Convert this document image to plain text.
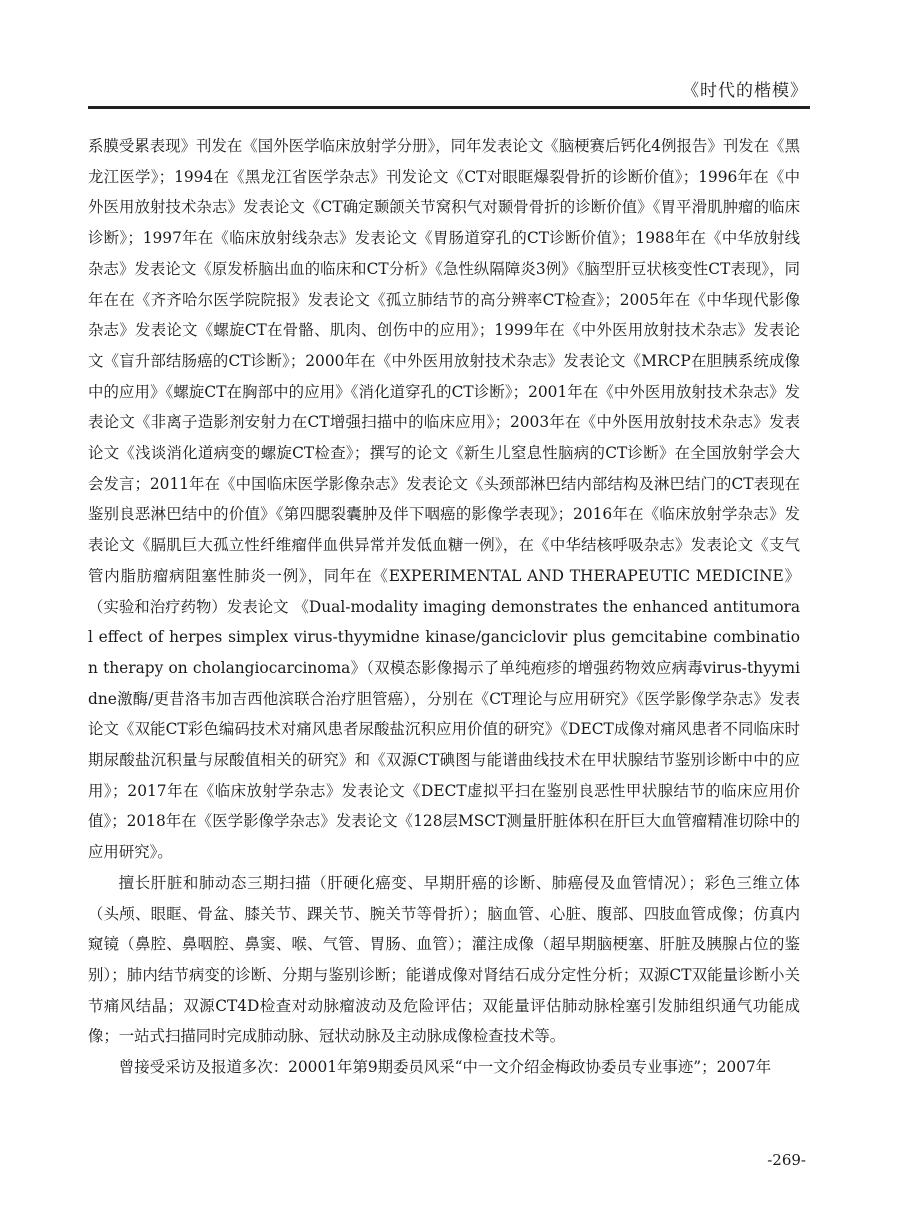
《时代的楷模》

系膜受累表现》刊发在《国外医学临床放射学分册》，同年发表论文《脑梗赛后钙化4例报告》刊发在《黑龙江医学》；1994在《黑龙江省医学杂志》刊发论文《CT对眼眶爆裂骨折的诊断价值》；1996年在《中外医用放射技术杂志》发表论文《CT确定颞颌关节窝积气对颞骨骨折的诊断价值》《胃平滑肌肿瘤的临床诊断》；1997年在《临床放射线杂志》发表论文《胃肠道穿孔的CT诊断价值》；1988年在《中华放射线杂志》发表论文《原发桥脑出血的临床和CT分析》《急性纵隔障炎3例》《脑型肝豆状核变性CT表现》，同年在在《齐齐哈尔医学院院报》发表论文《孤立肺结节的高分辨率CT检查》；2005年在《中华现代影像杂志》发表论文《螺旋CT在骨骼、肌肉、创伤中的应用》；1999年在《中外医用放射技术杂志》发表论文《盲升部结肠癌的CT诊断》；2000年在《中外医用放射技术杂志》发表论文《MRCP在胆胰系统成像中的应用》《螺旋CT在胸部中的应用》《消化道穿孔的CT诊断》；2001年在《中外医用放射技术杂志》发表论文《非离子造影剂安射力在CT增强扫描中的临床应用》；2003年在《中外医用放射技术杂志》发表论文《浅谈消化道病变的螺旋CT检查》；撰写的论文《新生儿窒息性脑病的CT诊断》在全国放射学会大会发言；2011年在《中国临床医学影像杂志》发表论文《头颈部淋巴结内部结构及淋巴结门的CT表现在鉴别良恶淋巴结中的价值》《第四腮裂囊肿及伴下咽癌的影像学表现》；2016年在《临床放射学杂志》发表论文《膈肌巨大孤立性纤维瘤伴血供异常并发低血糖一例》，在《中华结核呼吸杂志》发表论文《支气管内脂肪瘤病阻塞性肺炎一例》，同年在《EXPERIMENTAL AND THERAPEUTIC MEDICINE》（实验和治疗药物）发表论文 《Dual-modality imaging demonstrates the enhanced antitumoral effect of herpes simplex virus-thyymidne kinase/ganciclovir plus gemcitabine combination therapy on cholangiocarcinoma》（双模态影像揭示了单纯疱疹的增强药物效应病毒virus-thyymidne激酶/更昔洛韦加吉西他滨联合治疗胆管癌），分别在《CT理论与应用研究》《医学影像学杂志》发表论文《双能CT彩色编码技术对痛风患者尿酸盐沉积应用价值的研究》《DECT成像对痛风患者不同临床时期尿酸盐沉积量与尿酸值相关的研究》和《双源CT碘图与能谱曲线技术在甲状腺结节鉴别诊断中中的应用》；2017年在《临床放射学杂志》发表论文《DECT虚拟平扫在鉴别良恶性甲状腺结节的临床应用价值》；2018年在《医学影像学杂志》发表论文《128层MSCT测量肝脏体积在肝巨大血管瘤精准切除中的应用研究》。

擅长肝脏和肺动态三期扫描（肝硬化癌变、早期肝癌的诊断、肺癌侵及血管情况）；彩色三维立体（头颅、眼眶、骨盆、膝关节、踝关节、腕关节等骨折）；脑血管、心脏、腹部、四肢血管成像；仿真内窥镜（鼻腔、鼻咽腔、鼻窦、喉、气管、胃肠、血管）；灌注成像（超早期脑梗塞、肝脏及胰腺占位的鉴别）；肺内结节病变的诊断、分期与鉴别诊断；能谱成像对肾结石成分定性分析；双源CT双能量诊断小关节痛风结晶；双源CT4D检查对动脉瘤波动及危险评估；双能量评估肺动脉栓塞引发肺组织通气功能成像；一站式扫描同时完成肺动脉、冠状动脉及主动脉成像检查技术等。

曾接受采访及报道多次：20001年第9期委员风采“中一文介绍金梅政协委员专业事迹”；2007年

-269-
